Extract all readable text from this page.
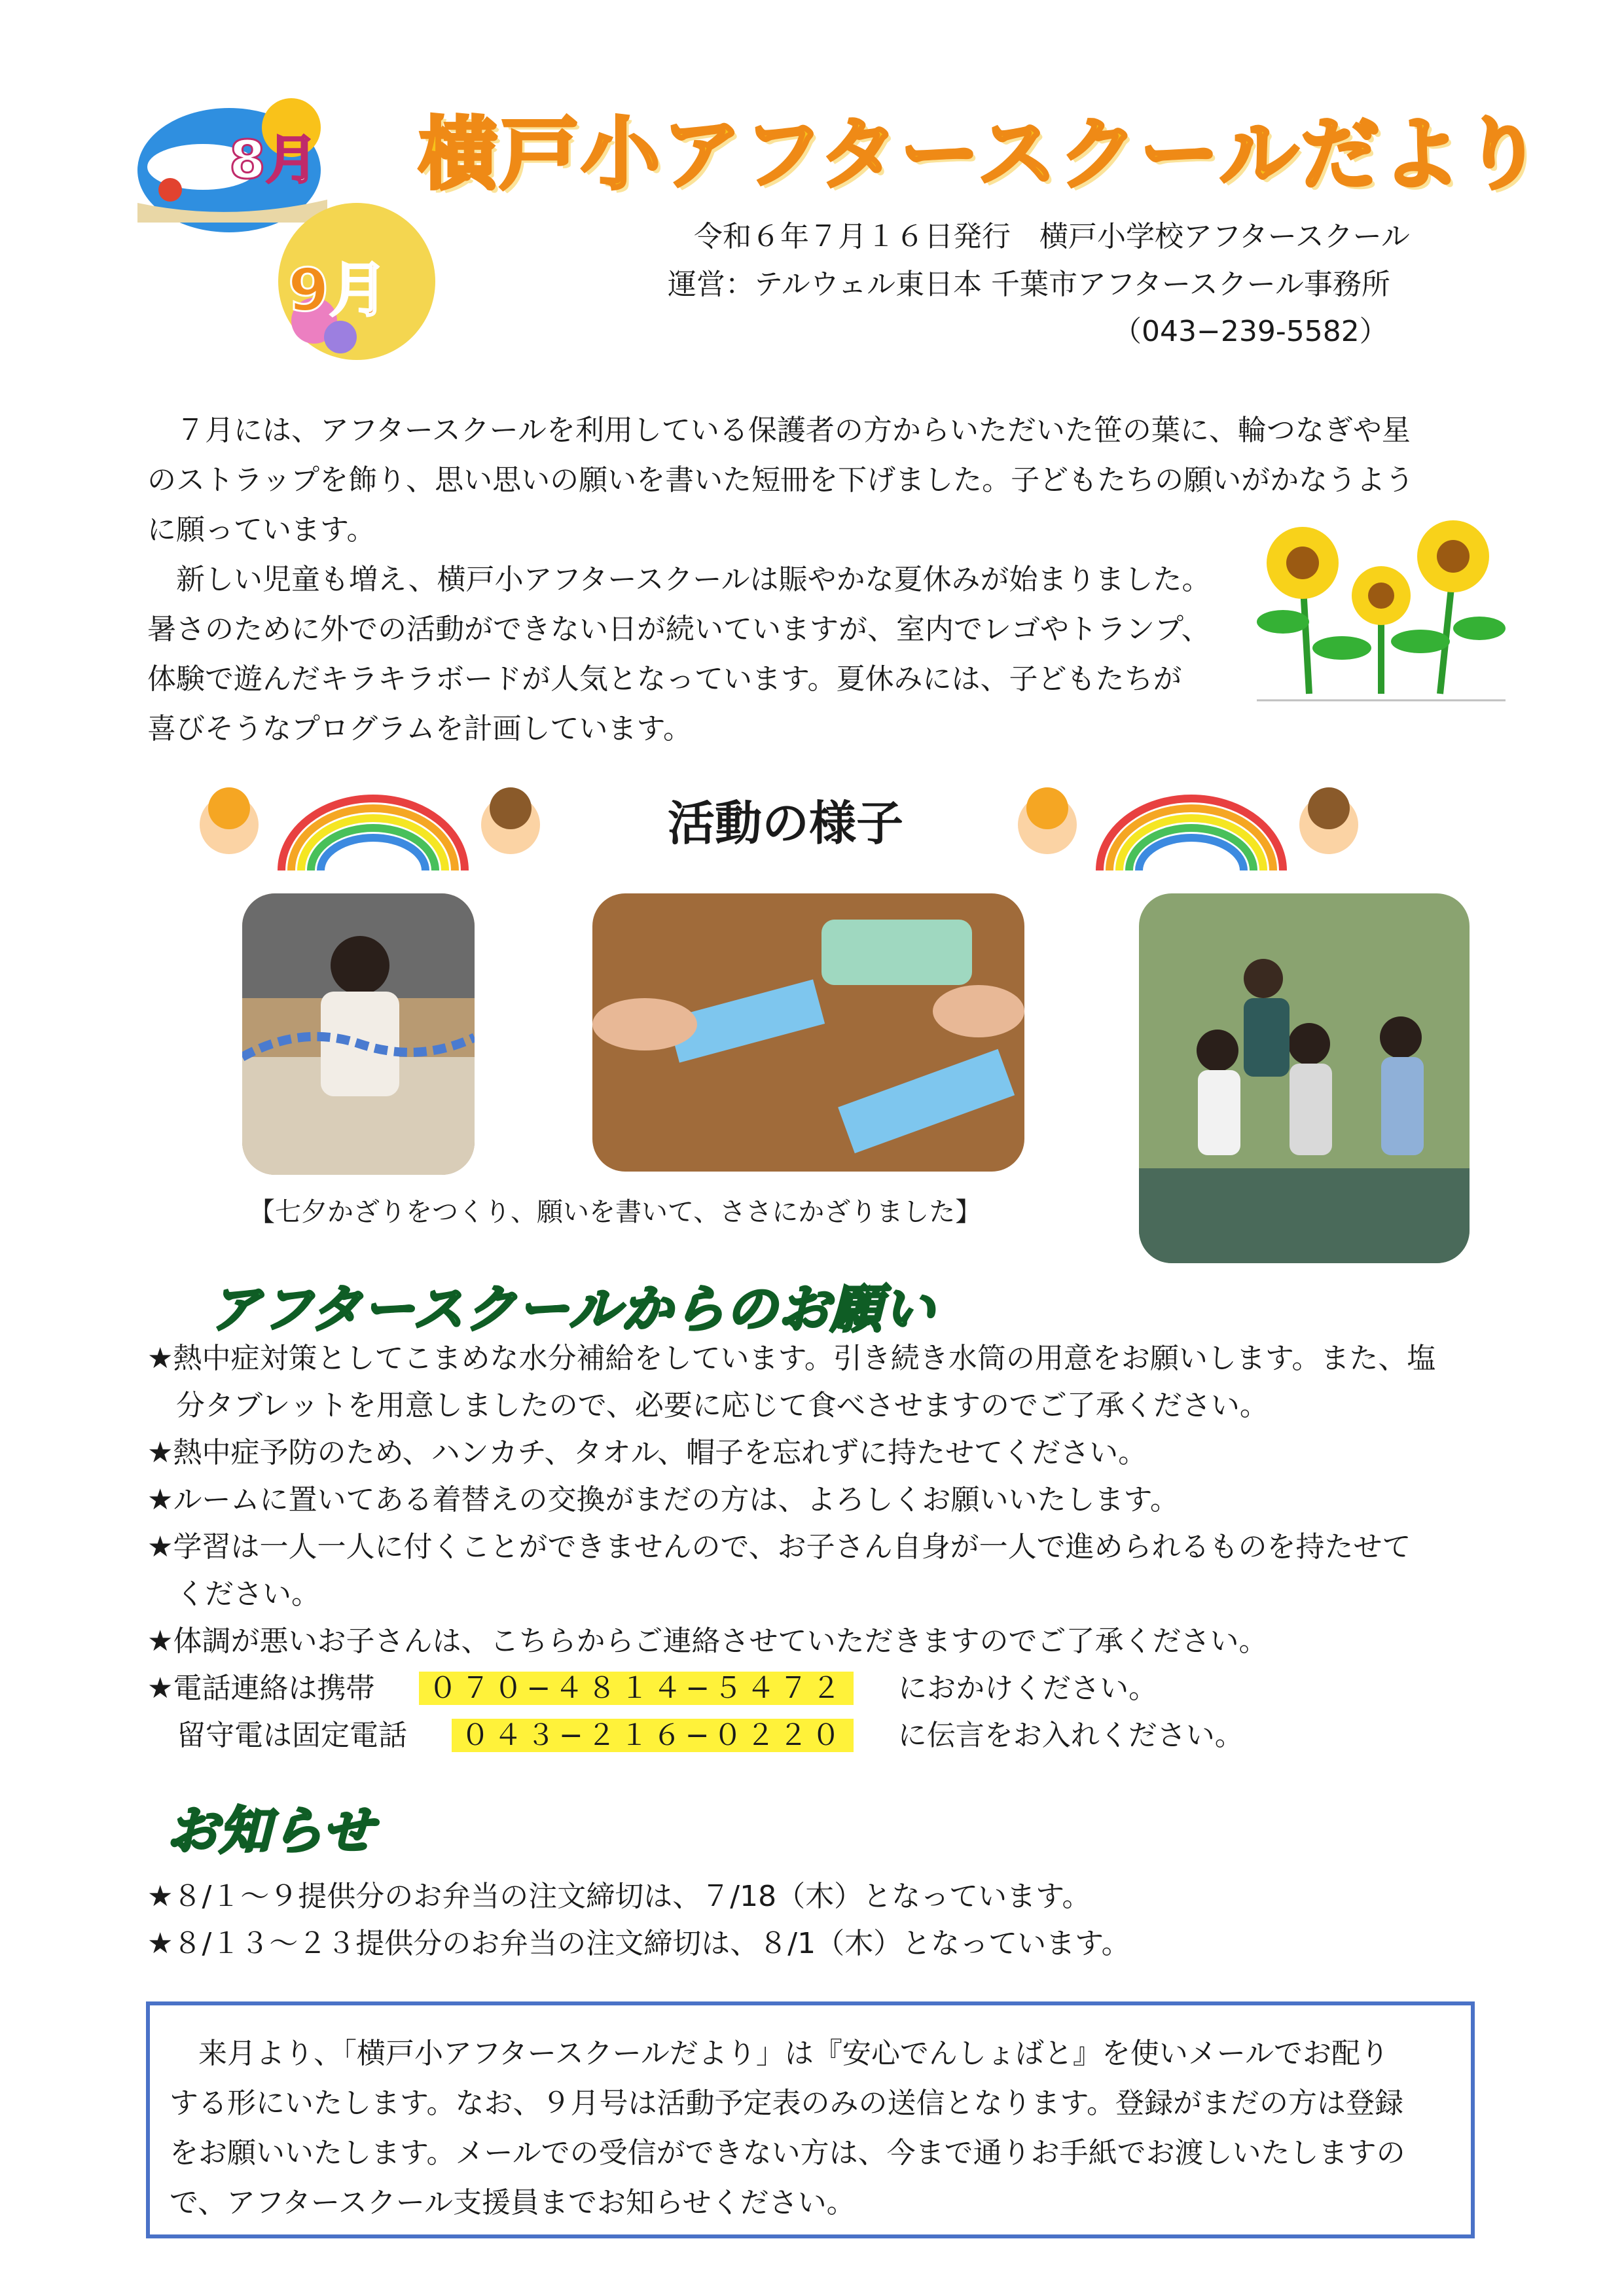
8月
9月
横戸小アフタースクールだより
令和６年７月１６日発行　横戸小学校アフタースクール
運営：テルウェル東日本 千葉市アフタースクール事務所
（043−239-5582）
　７月には、アフタースクールを利用している保護者の方からいただいた笹の葉に、輪つなぎや星
のストラップを飾り、思い思いの願いを書いた短冊を下げました。子どもたちの願いがかなうよう
に願っています。
　新しい児童も増え、横戸小アフタースクールは賑やかな夏休みが始まりました。
暑さのために外での活動ができない日が続いていますが、室内でレゴやトランプ、
体験で遊んだキラキラボードが人気となっています。夏休みには、子どもたちが
喜びそうなプログラムを計画しています。
活動の様子
【七夕かざりをつくり、願いを書いて、ささにかざりました】
アフタースクールからのお願い
★熱中症対策としてこまめな水分補給をしています。引き続き水筒の用意をお願いします。また、塩
　分タブレットを用意しましたので、必要に応じて食べさせますのでご了承ください。
★熱中症予防のため、ハンカチ、タオル、帽子を忘れずに持たせてください。
★ルームに置いてある着替えの交換がまだの方は、よろしくお願いいたします。
★学習は一人一人に付くことができませんので、お子さん自身が一人で進められるものを持たせて
　ください。
★体調が悪いお子さんは、こちらからご連絡させていただきますのでご了承ください。
★電話連絡は携帯 ０７０−４８１４−５４７２ におかけください。
留守電は固定電話 ０４３−２１６−０２２０ に伝言をお入れください。
お知らせ
★８/１〜９提供分のお弁当の注文締切は、７/18（木）となっています。
★８/１３〜２３提供分のお弁当の注文締切は、８/1（木）となっています。
　来月より、「横戸小アフタースクールだより」は『安心でんしょばと』を使いメールでお配り
する形にいたします。なお、９月号は活動予定表のみの送信となります。登録がまだの方は登録
をお願いいたします。メールでの受信ができない方は、今まで通りお手紙でお渡しいたしますの
で、アフタースクール支援員までお知らせください。
